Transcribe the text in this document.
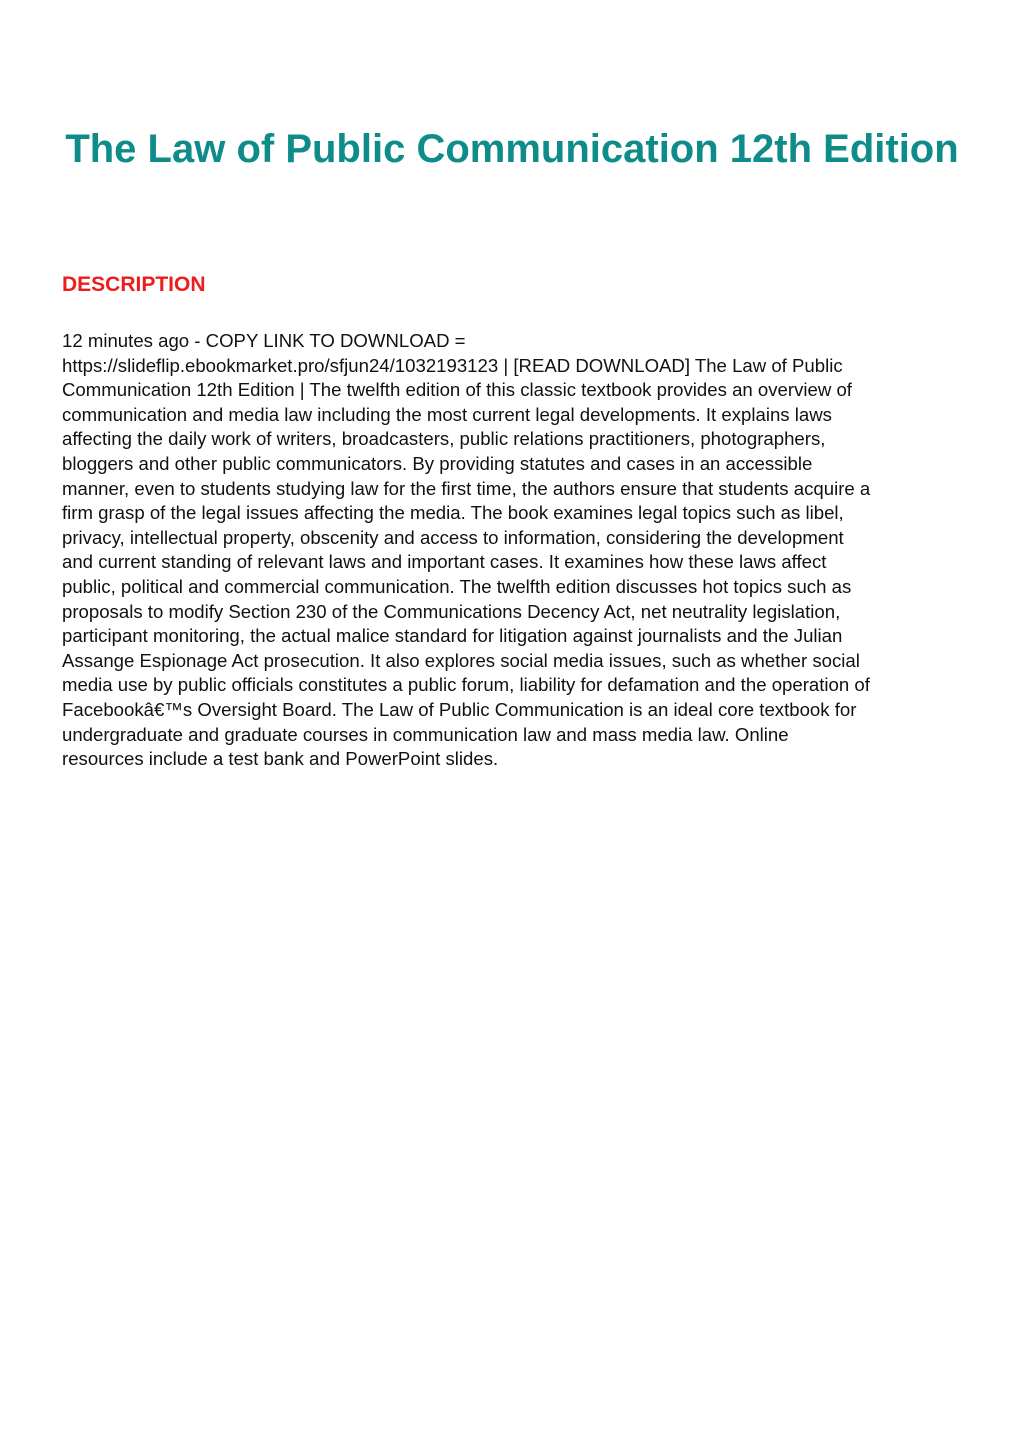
The Law of Public Communication 12th Edition
DESCRIPTION

12 minutes ago - COPY LINK TO DOWNLOAD =
https://slideflip.ebookmarket.pro/sfjun24/1032193123 | [READ DOWNLOAD] The Law of Public
Communication 12th Edition | The twelfth edition of this classic textbook provides an overview of
communication and media law including the most current legal developments. It explains laws
affecting the daily work of writers, broadcasters, public relations practitioners, photographers,
bloggers and other public communicators. By providing statutes and cases in an accessible
manner, even to students studying law for the first time, the authors ensure that students acquire a
firm grasp of the legal issues affecting the media. The book examines legal topics such as libel,
privacy, intellectual property, obscenity and access to information, considering the development
and current standing of relevant laws and important cases. It examines how these laws affect
public, political and commercial communication. The twelfth edition discusses hot topics such as
proposals to modify Section 230 of the Communications Decency Act, net neutrality legislation,
participant monitoring, the actual malice standard for litigation against journalists and the Julian
Assange Espionage Act prosecution. It also explores social media issues, such as whether social
media use by public officials constitutes a public forum, liability for defamation and the operation of
Facebookâ€™s Oversight Board. The Law of Public Communication is an ideal core textbook for
undergraduate and graduate courses in communication law and mass media law. Online
resources include a test bank and PowerPoint slides.
